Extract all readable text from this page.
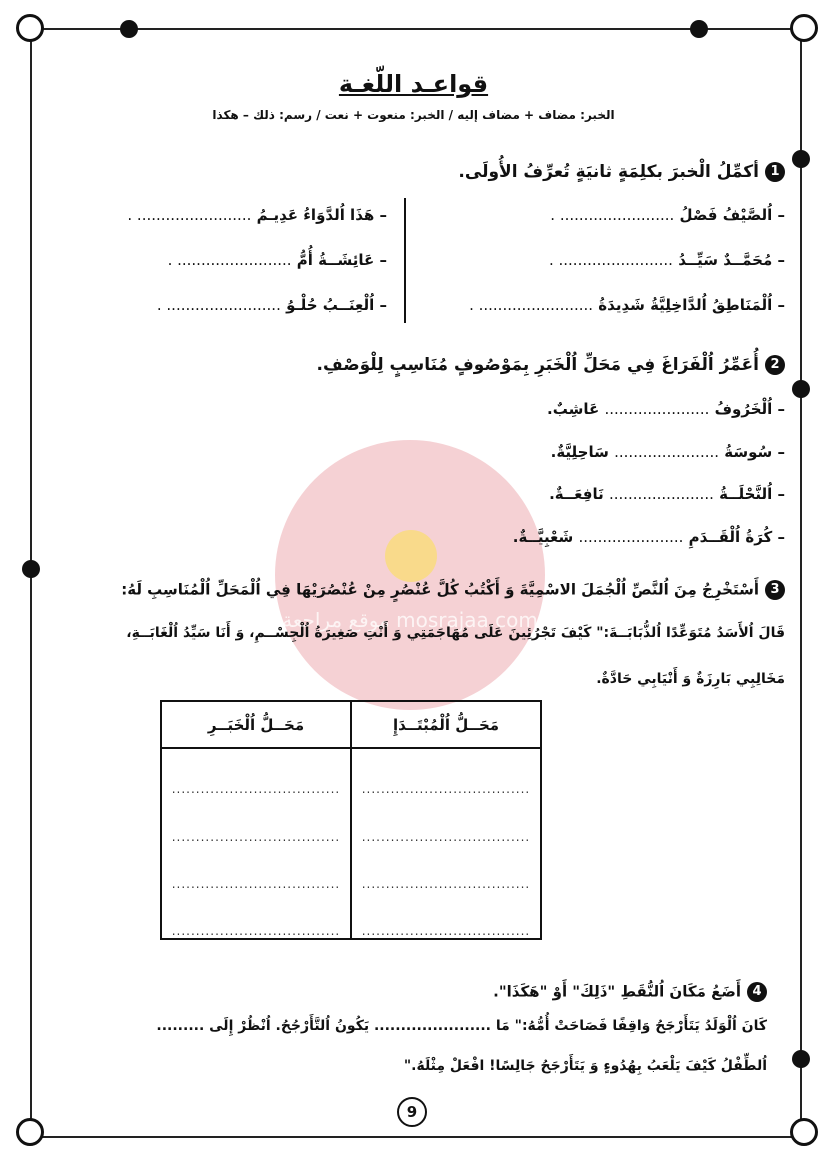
موقع مراجعة mosrajaa.com
قواعـد اللّغـة
الخبر: مضاف + مضاف إليه / الخبر: منعوت + نعت / رسم: ذلك – هكذا
1أكمِّلُ الْخبرَ بكلِمَةٍ ثانيَةٍ تُعرِّفُ الأُولَى.
– اُلصَّيْفُ فَصْلُ ........................ .
– مُحَمَّــدٌ سَيِّــدُ ........................ .
– اُلْمَنَاطِقُ اُلدَّاخِلِيَّةُ شَدِيدَةُ ........................ .
– هَذَا اُلدَّوَاءُ عَدِيـمُ ........................ .
– عَائِشَــةُ أُمُّ ........................ .
– اُلْعِنَــبُ حُلْـوُ ........................ .
2أُعَمِّرُ اُلْفَرَاغَ فِي مَحَلِّ اُلْخَبَرِ بِمَوْصُوفٍ مُنَاسِبٍ لِلْوَصْفِ.
– اُلْخَرُوفُ ...................... عَاشِبٌ.
– سُوسَةُ ...................... سَاحِلِيَّةٌ.
– اُلنَّحْلَــةُ ...................... نَافِعَــةٌ.
– كُرَةُ اُلْقَــدَمِ ...................... شَعْبِيَّــةٌ.
3أَسْتَخْرِجُ مِنَ اُلنَّصِّ اُلْجُمَلَ الاسْمِيَّةَ وَ أَكْتُبُ كُلَّ عُنْصُرٍ مِنْ عُنْصُرَيْهَا فِي اُلْمَحَلِّ اُلْمُنَاسِبِ لَهُ:
قَالَ اُلأَسَدُ مُتَوَعِّدًا اُلذُّبَابَــةَ:" كَيْفَ تَجْرُئِينَ عَلَى مُهَاجَمَتِي وَ أَنْتِ صَغِيرَةُ اُلْجِسْــمِ، وَ أَنَا سَيِّدُ اُلْغَابَــةِ،
مَخَالِبِي بَارِزَةٌ وَ أَنْيَابِي حَادَّةٌ.
مَحَــلُّ اُلْمُبْتَــدَإِ	مَحَــلُّ اُلْخَبَــرِ
...................................	...................................
...................................	...................................
...................................	...................................
...................................	...................................
4أَضَعُ مَكَانَ اُلنُّقَطِ "ذَلِكَ" أَوْ "هَكَذَا".
كَانَ اُلْوَلَدُ يَتَأَرْجَحُ وَاقِفًا فَصَاحَتْ أُمُّهُ:" مَا ...................... يَكُونُ اُلتَّأَرْجُحُ. اُنْظُرْ إِلَى .........
اُلطِّفْلُ كَيْفَ يَلْعَبُ بِهُدُوءٍ وَ يَتَأَرْجَحُ جَالِسًا! افْعَلْ مِثْلَهُ."
9
